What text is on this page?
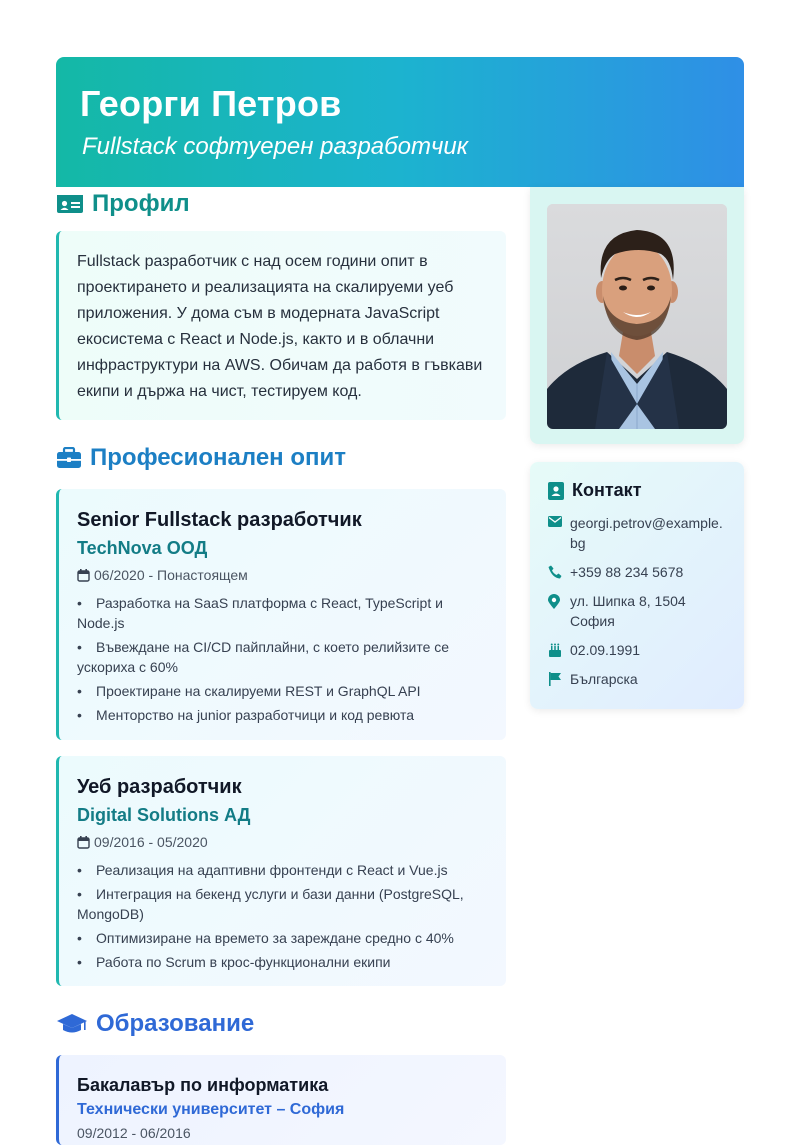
Георги Петров
Fullstack софтуерен разработчик
Профил
Fullstack разработчик с над осем години опит в проектирането и реализацията на скалируеми уеб приложения. У дома съм в модерната JavaScript екосистема с React и Node.js, както и в облачни инфраструктури на AWS. Обичам да работя в гъвкави екипи и държа на чист, тестируем код.
Професионален опит
Senior Fullstack разработчик
TechNova ООД
06/2020 - Понастоящем
• Разработка на SaaS платформа с React, TypeScript и Node.js
• Въвеждане на CI/CD пайплайни, с което релийзите се ускориха с 60%
• Проектиране на скалируеми REST и GraphQL API
• Менторство на junior разработчици и код ревюта
Уеб разработчик
Digital Solutions АД
09/2016 - 05/2020
• Реализация на адаптивни фронтенди с React и Vue.js
• Интеграция на бекенд услуги и бази данни (PostgreSQL, MongoDB)
• Оптимизиране на времето за зареждане средно с 40%
• Работа по Scrum в крос-функционални екипи
Образование
Бакалавър по информатика
Технически университет – София
09/2012 - 06/2016
Контакт
georgi.petrov@example.bg
+359 88 234 5678
ул. Шипка 8, 1504 София
02.09.1991
Българска
